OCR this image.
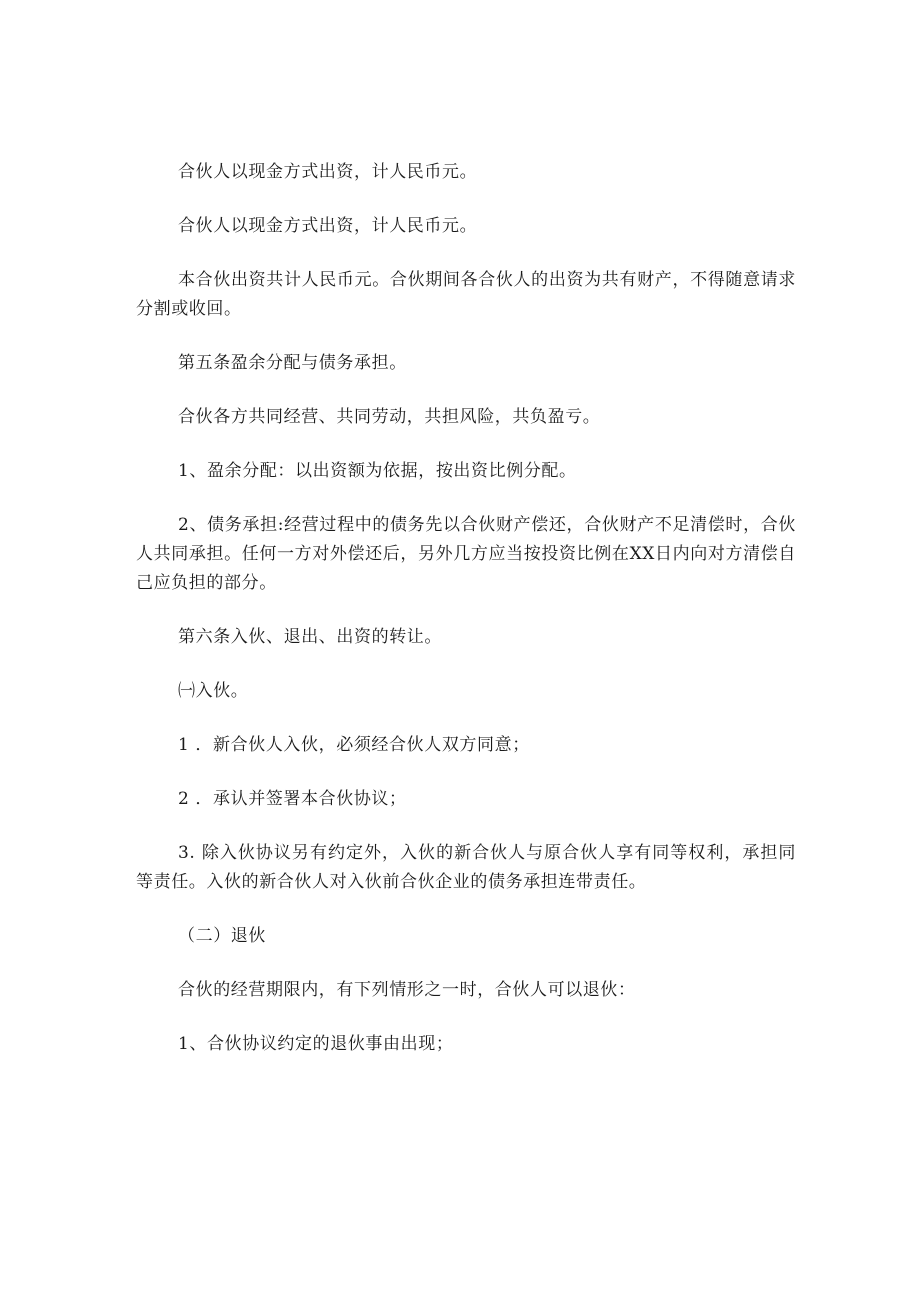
合伙人以现金方式出资，计人民币元。

合伙人以现金方式出资，计人民币元。

本合伙出资共计人民币元。合伙期间各合伙人的出资为共有财产，不得随意请求分割或收回。

第五条盈余分配与债务承担。

合伙各方共同经营、共同劳动，共担风险，共负盈亏。

1、盈余分配：以出资额为依据，按出资比例分配。

2、债务承担:经营过程中的债务先以合伙财产偿还，合伙财产不足清偿时，合伙人共同承担。任何一方对外偿还后，另外几方应当按投资比例在XX日内向对方清偿自己应负担的部分。

第六条入伙、退出、出资的转让。

㈠入伙。

1 ．新合伙人入伙，必须经合伙人双方同意；

2 ．承认并签署本合伙协议；

3. 除入伙协议另有约定外，入伙的新合伙人与原合伙人享有同等权利，承担同等责任。入伙的新合伙人对入伙前合伙企业的债务承担连带责任。

（二）退伙

合伙的经营期限内，有下列情形之一时，合伙人可以退伙：

1、合伙协议约定的退伙事由出现；
